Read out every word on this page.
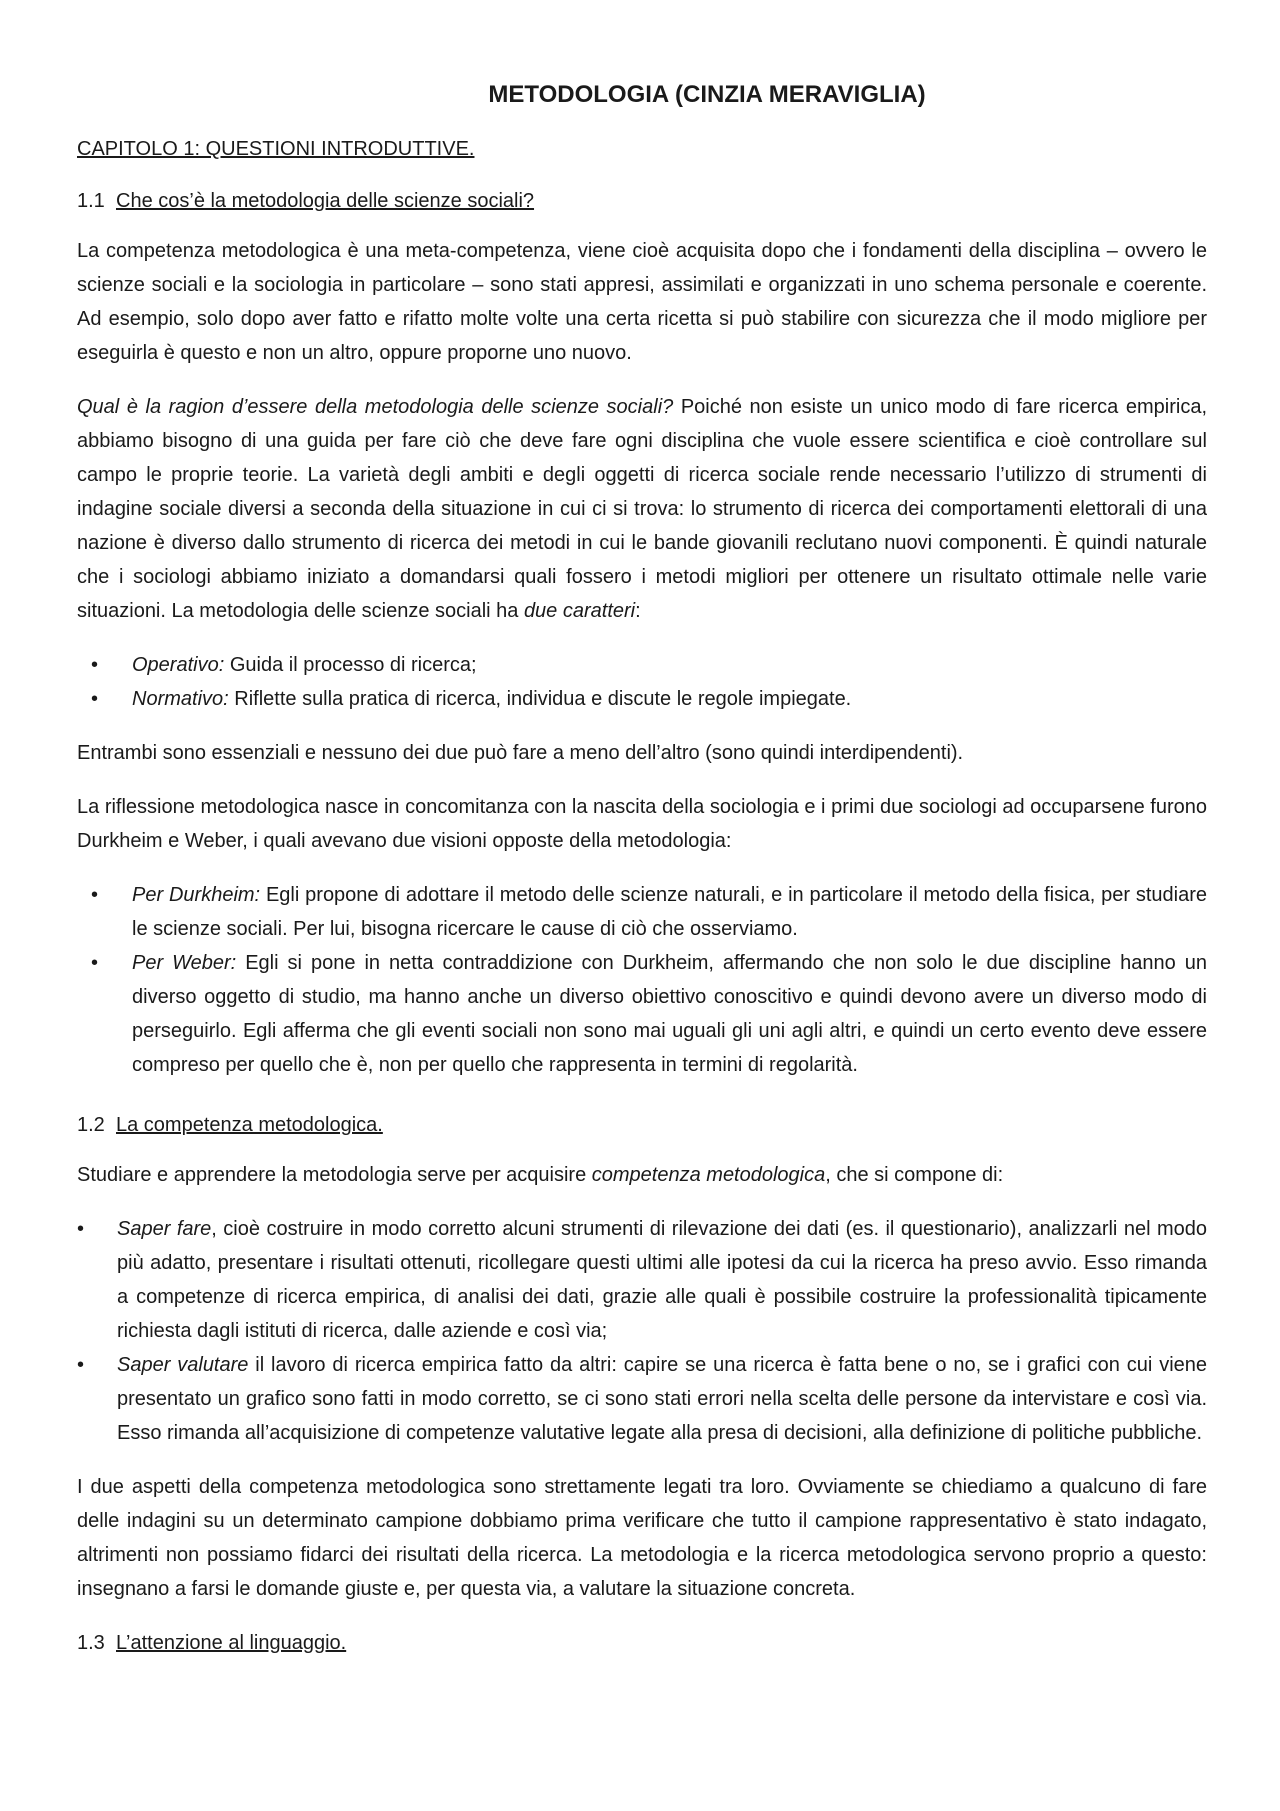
METODOLOGIA (CINZIA MERAVIGLIA)
CAPITOLO 1: QUESTIONI INTRODUTTIVE.
1.1 Che cos’è la metodologia delle scienze sociali?

La competenza metodologica è una meta-competenza, viene cioè acquisita dopo che i fondamenti della disciplina – ovvero le scienze sociali e la sociologia in particolare – sono stati appresi, assimilati e organizzati in uno schema personale e coerente. Ad esempio, solo dopo aver fatto e rifatto molte volte una certa ricetta si può stabilire con sicurezza che il modo migliore per eseguirla è questo e non un altro, oppure proporne uno nuovo.

Qual è la ragion d’essere della metodologia delle scienze sociali? Poiché non esiste un unico modo di fare ricerca empirica, abbiamo bisogno di una guida per fare ciò che deve fare ogni disciplina che vuole essere scientifica e cioè controllare sul campo le proprie teorie. La varietà degli ambiti e degli oggetti di ricerca sociale rende necessario l’utilizzo di strumenti di indagine sociale diversi a seconda della situazione in cui ci si trova: lo strumento di ricerca dei comportamenti elettorali di una nazione è diverso dallo strumento di ricerca dei metodi in cui le bande giovanili reclutano nuovi componenti. È quindi naturale che i sociologi abbiamo iniziato a domandarsi quali fossero i metodi migliori per ottenere un risultato ottimale nelle varie situazioni. La metodologia delle scienze sociali ha due caratteri:

• Operativo: Guida il processo di ricerca;
• Normativo: Riflette sulla pratica di ricerca, individua e discute le regole impiegate.

Entrambi sono essenziali e nessuno dei due può fare a meno dell’altro (sono quindi interdipendenti).

La riflessione metodologica nasce in concomitanza con la nascita della sociologia e i primi due sociologi ad occuparsene furono Durkheim e Weber, i quali avevano due visioni opposte della metodologia:

• Per Durkheim: Egli propone di adottare il metodo delle scienze naturali, e in particolare il metodo della fisica, per studiare le scienze sociali. Per lui, bisogna ricercare le cause di ciò che osserviamo.
• Per Weber: Egli si pone in netta contraddizione con Durkheim, affermando che non solo le due discipline hanno un diverso oggetto di studio, ma hanno anche un diverso obiettivo conoscitivo e quindi devono avere un diverso modo di perseguirlo. Egli afferma che gli eventi sociali non sono mai uguali gli uni agli altri, e quindi un certo evento deve essere compreso per quello che è, non per quello che rappresenta in termini di regolarità.
1.2 La competenza metodologica.

Studiare e apprendere la metodologia serve per acquisire competenza metodologica, che si compone di:

• Saper fare, cioè costruire in modo corretto alcuni strumenti di rilevazione dei dati (es. il questionario), analizzarli nel modo più adatto, presentare i risultati ottenuti, ricollegare questi ultimi alle ipotesi da cui la ricerca ha preso avvio. Esso rimanda a competenze di ricerca empirica, di analisi dei dati, grazie alle quali è possibile costruire la professionalità tipicamente richiesta dagli istituti di ricerca, dalle aziende e così via;
• Saper valutare il lavoro di ricerca empirica fatto da altri: capire se una ricerca è fatta bene o no, se i grafici con cui viene presentato un grafico sono fatti in modo corretto, se ci sono stati errori nella scelta delle persone da intervistare e così via. Esso rimanda all’acquisizione di competenze valutative legate alla presa di decisioni, alla definizione di politiche pubbliche.

I due aspetti della competenza metodologica sono strettamente legati tra loro. Ovviamente se chiediamo a qualcuno di fare delle indagini su un determinato campione dobbiamo prima verificare che tutto il campione rappresentativo è stato indagato, altrimenti non possiamo fidarci dei risultati della ricerca. La metodologia e la ricerca metodologica servono proprio a questo: insegnano a farsi le domande giuste e, per questa via, a valutare la situazione concreta.

1.3 L’attenzione al linguaggio.
